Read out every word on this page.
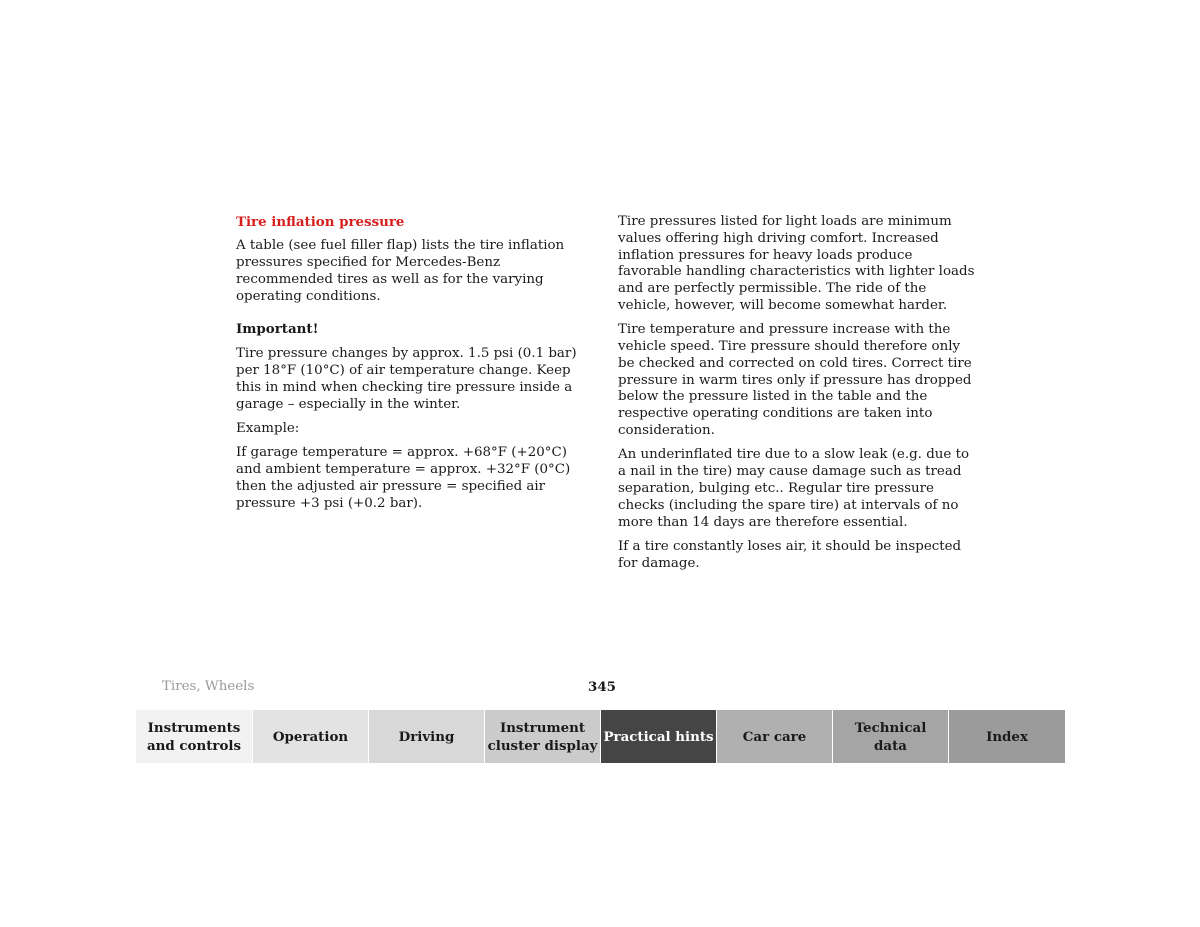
Tire inflation pressure

A table (see fuel filler flap) lists the tire inflation pressures specified for Mercedes-Benz recommended tires as well as for the varying operating conditions.

Important!

Tire pressure changes by approx. 1.5 psi (0.1 bar) per 18°F (10°C) of air temperature change. Keep this in mind when checking tire pressure inside a garage – especially in the winter.

Example:

If garage temperature = approx. +68°F (+20°C) and ambient temperature = approx. +32°F (0°C) then the adjusted air pressure = specified air pressure +3 psi (+0.2 bar).

Tire pressures listed for light loads are minimum values offering high driving comfort. Increased inflation pressures for heavy loads produce favorable handling characteristics with lighter loads and are perfectly permissible. The ride of the vehicle, however, will become somewhat harder.

Tire temperature and pressure increase with the vehicle speed. Tire pressure should therefore only be checked and corrected on cold tires. Correct tire pressure in warm tires only if pressure has dropped below the pressure listed in the table and the respective operating conditions are taken into consideration.

An underinflated tire due to a slow leak (e.g. due to a nail in the tire) may cause damage such as tread separation, bulging etc.. Regular tire pressure checks (including the spare tire) at intervals of no more than 14 days are therefore essential.

If a tire constantly loses air, it should be inspected for damage.

Tires, Wheels	345
Instruments
and controls
Operation	Driving
Instrument
cluster display
Practical hints	Car care
Technical
data
Index
